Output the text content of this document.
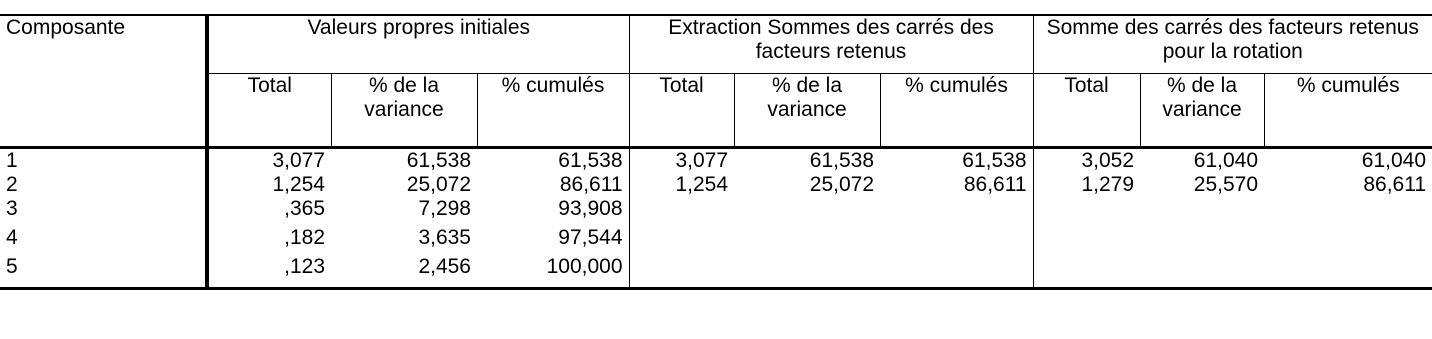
Composante	Valeurs propres initiales			Extraction Sommes des carrés des facteurs retenus			Somme des carrés des facteurs retenus pour la rotation		
	Total	% de la variance	% cumulés	Total	% de la variance	% cumulés	Total	% de la variance	% cumulés
1	3,077	61,538	61,538	3,077	61,538	61,538	3,052	61,040	61,040
2	1,254	25,072	86,611	1,254	25,072	86,611	1,279	25,570	86,611
3	,365	7,298	93,908						
4	,182	3,635	97,544						
5	,123	2,456	100,000						
